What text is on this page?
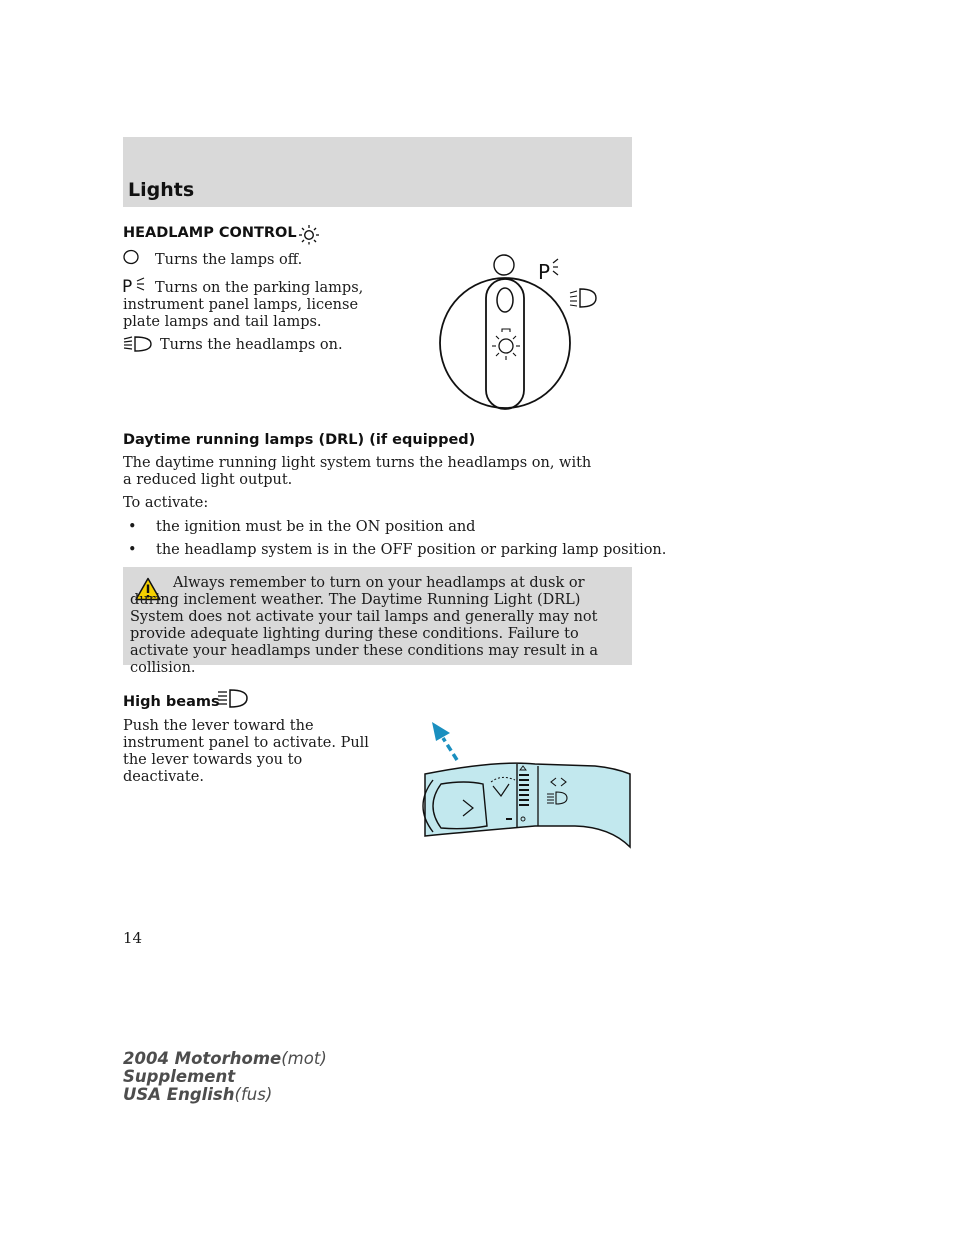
Lights
HEADLAMP CONTROL
Turns the lamps off.
P	Turns on the parking lamps, instrument panel lamps, license plate lamps and tail lamps.
Turns the headlamps on.
P
Daytime running lamps (DRL) (if equipped)
The daytime running light system turns the headlamps on, with a reduced light output.
To activate:
• the ignition must be in the ON position and
• the headlamp system is in the OFF position or parking lamp position.
Always remember to turn on your headlamps at dusk or during inclement weather. The Daytime Running Light (DRL) System does not activate your tail lamps and generally may not provide adequate lighting during these conditions. Failure to activate your headlamps under these conditions may result in a collision.
High beams
Push the lever toward the instrument panel to activate. Pull the lever towards you to deactivate.
14
2004 Motorhome(mot)
Supplement
USA English(fus)
